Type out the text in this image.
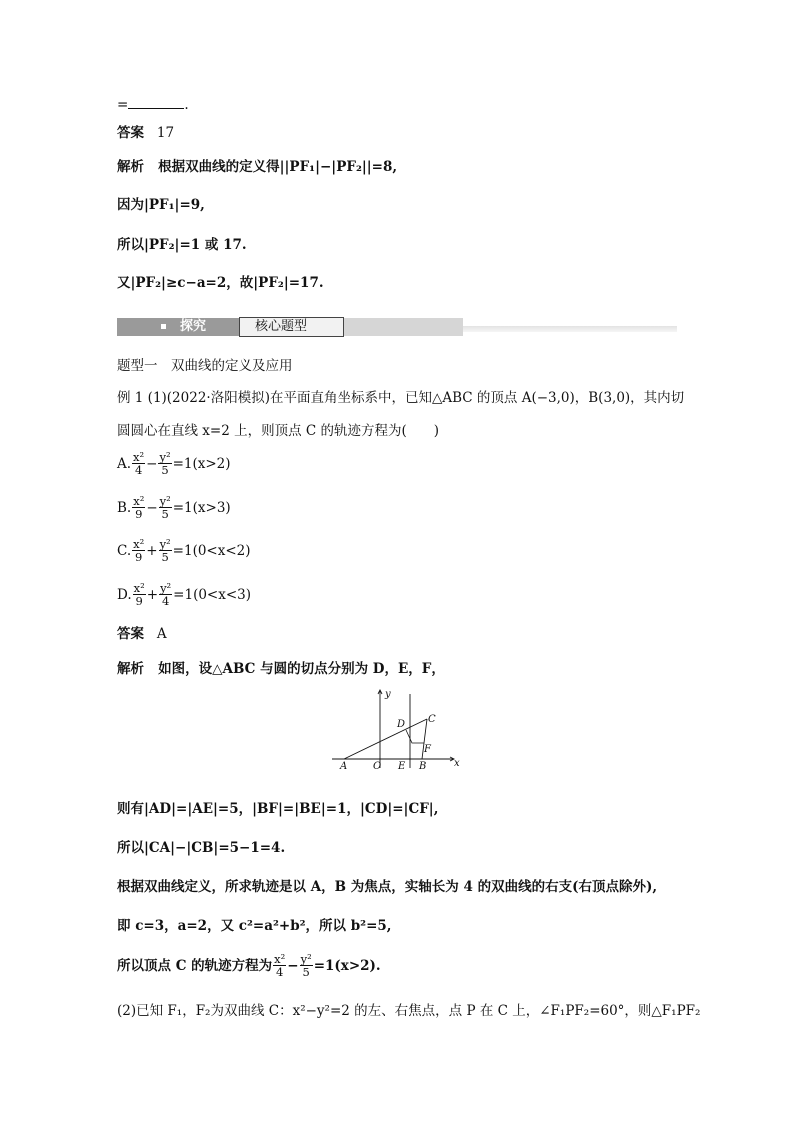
=	.
答案 17
解析 根据双曲线的定义得||PF₁|−|PF₂||=8,
因为|PF₁|=9,
所以|PF₂|=1 或 17.
又|PF₂|≥c−a=2，故|PF₂|=17.
探究	核心题型
题型一　双曲线的定义及应用
例 1 (1)(2022·洛阳模拟)在平面直角坐标系中，已知△ABC 的顶点 A(−3,0)，B(3,0)，其内切
圆圆心在直线 x=2 上，则顶点 C 的轨迹方程为(　　)
A. $\frac{\text{x²}}{4} - \frac{\text{y²}}{5} =1(x>2)$
B. $\frac{\text{x²}}{9} - \frac{\text{y²}}{5} =1(x>3)$
C. $\frac{\text{x²}}{9} + \frac{\text{y²}}{5} =1(0<x<2)$
D. $\frac{\text{x²}}{9} + \frac{\text{y²}}{4} =1(0<x<3)$
答案 A
解析 如图，设△ABC 与圆的切点分别为 D，E，F，
y
x
A	O E B
D C
F
则有|AD|=|AE|=5，|BF|=|BE|=1，|CD|=|CF|,
所以|CA|−|CB|=5−1=4.
根据双曲线定义，所求轨迹是以 A，B 为焦点，实轴长为 4 的双曲线的右支(右顶点除外),
即 c=3，a=2，又 c²=a²+b²，所以 b²=5,
所以顶点 C 的轨迹方程为 $\frac{\text{x²}}{4} - \frac{\text{y²}}{5} =1(x>2)$.
(2)已知 F₁，F₂为双曲线 C：x²−y²=2 的左、右焦点，点 P 在 C 上，∠F₁PF₂=60°，则△F₁PF₂
